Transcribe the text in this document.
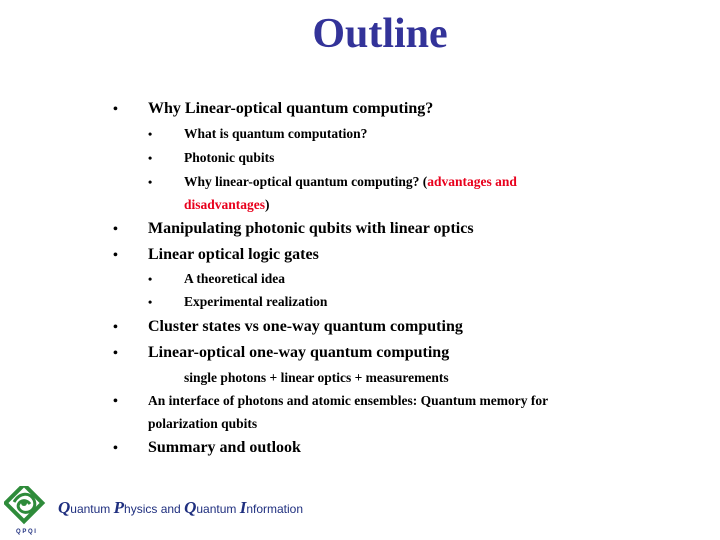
Outline
• Why Linear-optical quantum computing?
• What is quantum computation?
• Photonic qubits
• Why linear-optical quantum computing? (advantages and
disadvantages)
• Manipulating photonic qubits with linear optics
• Linear optical logic gates
• A theoretical idea
• Experimental realization
• Cluster states vs one-way quantum computing
• Linear-optical one-way quantum computing
single photons + linear optics + measurements
• An interface of photons and atomic ensembles: Quantum memory for
polarization qubits
• Summary and outlook
Q P Q I
Quantum Physics and Quantum Information
